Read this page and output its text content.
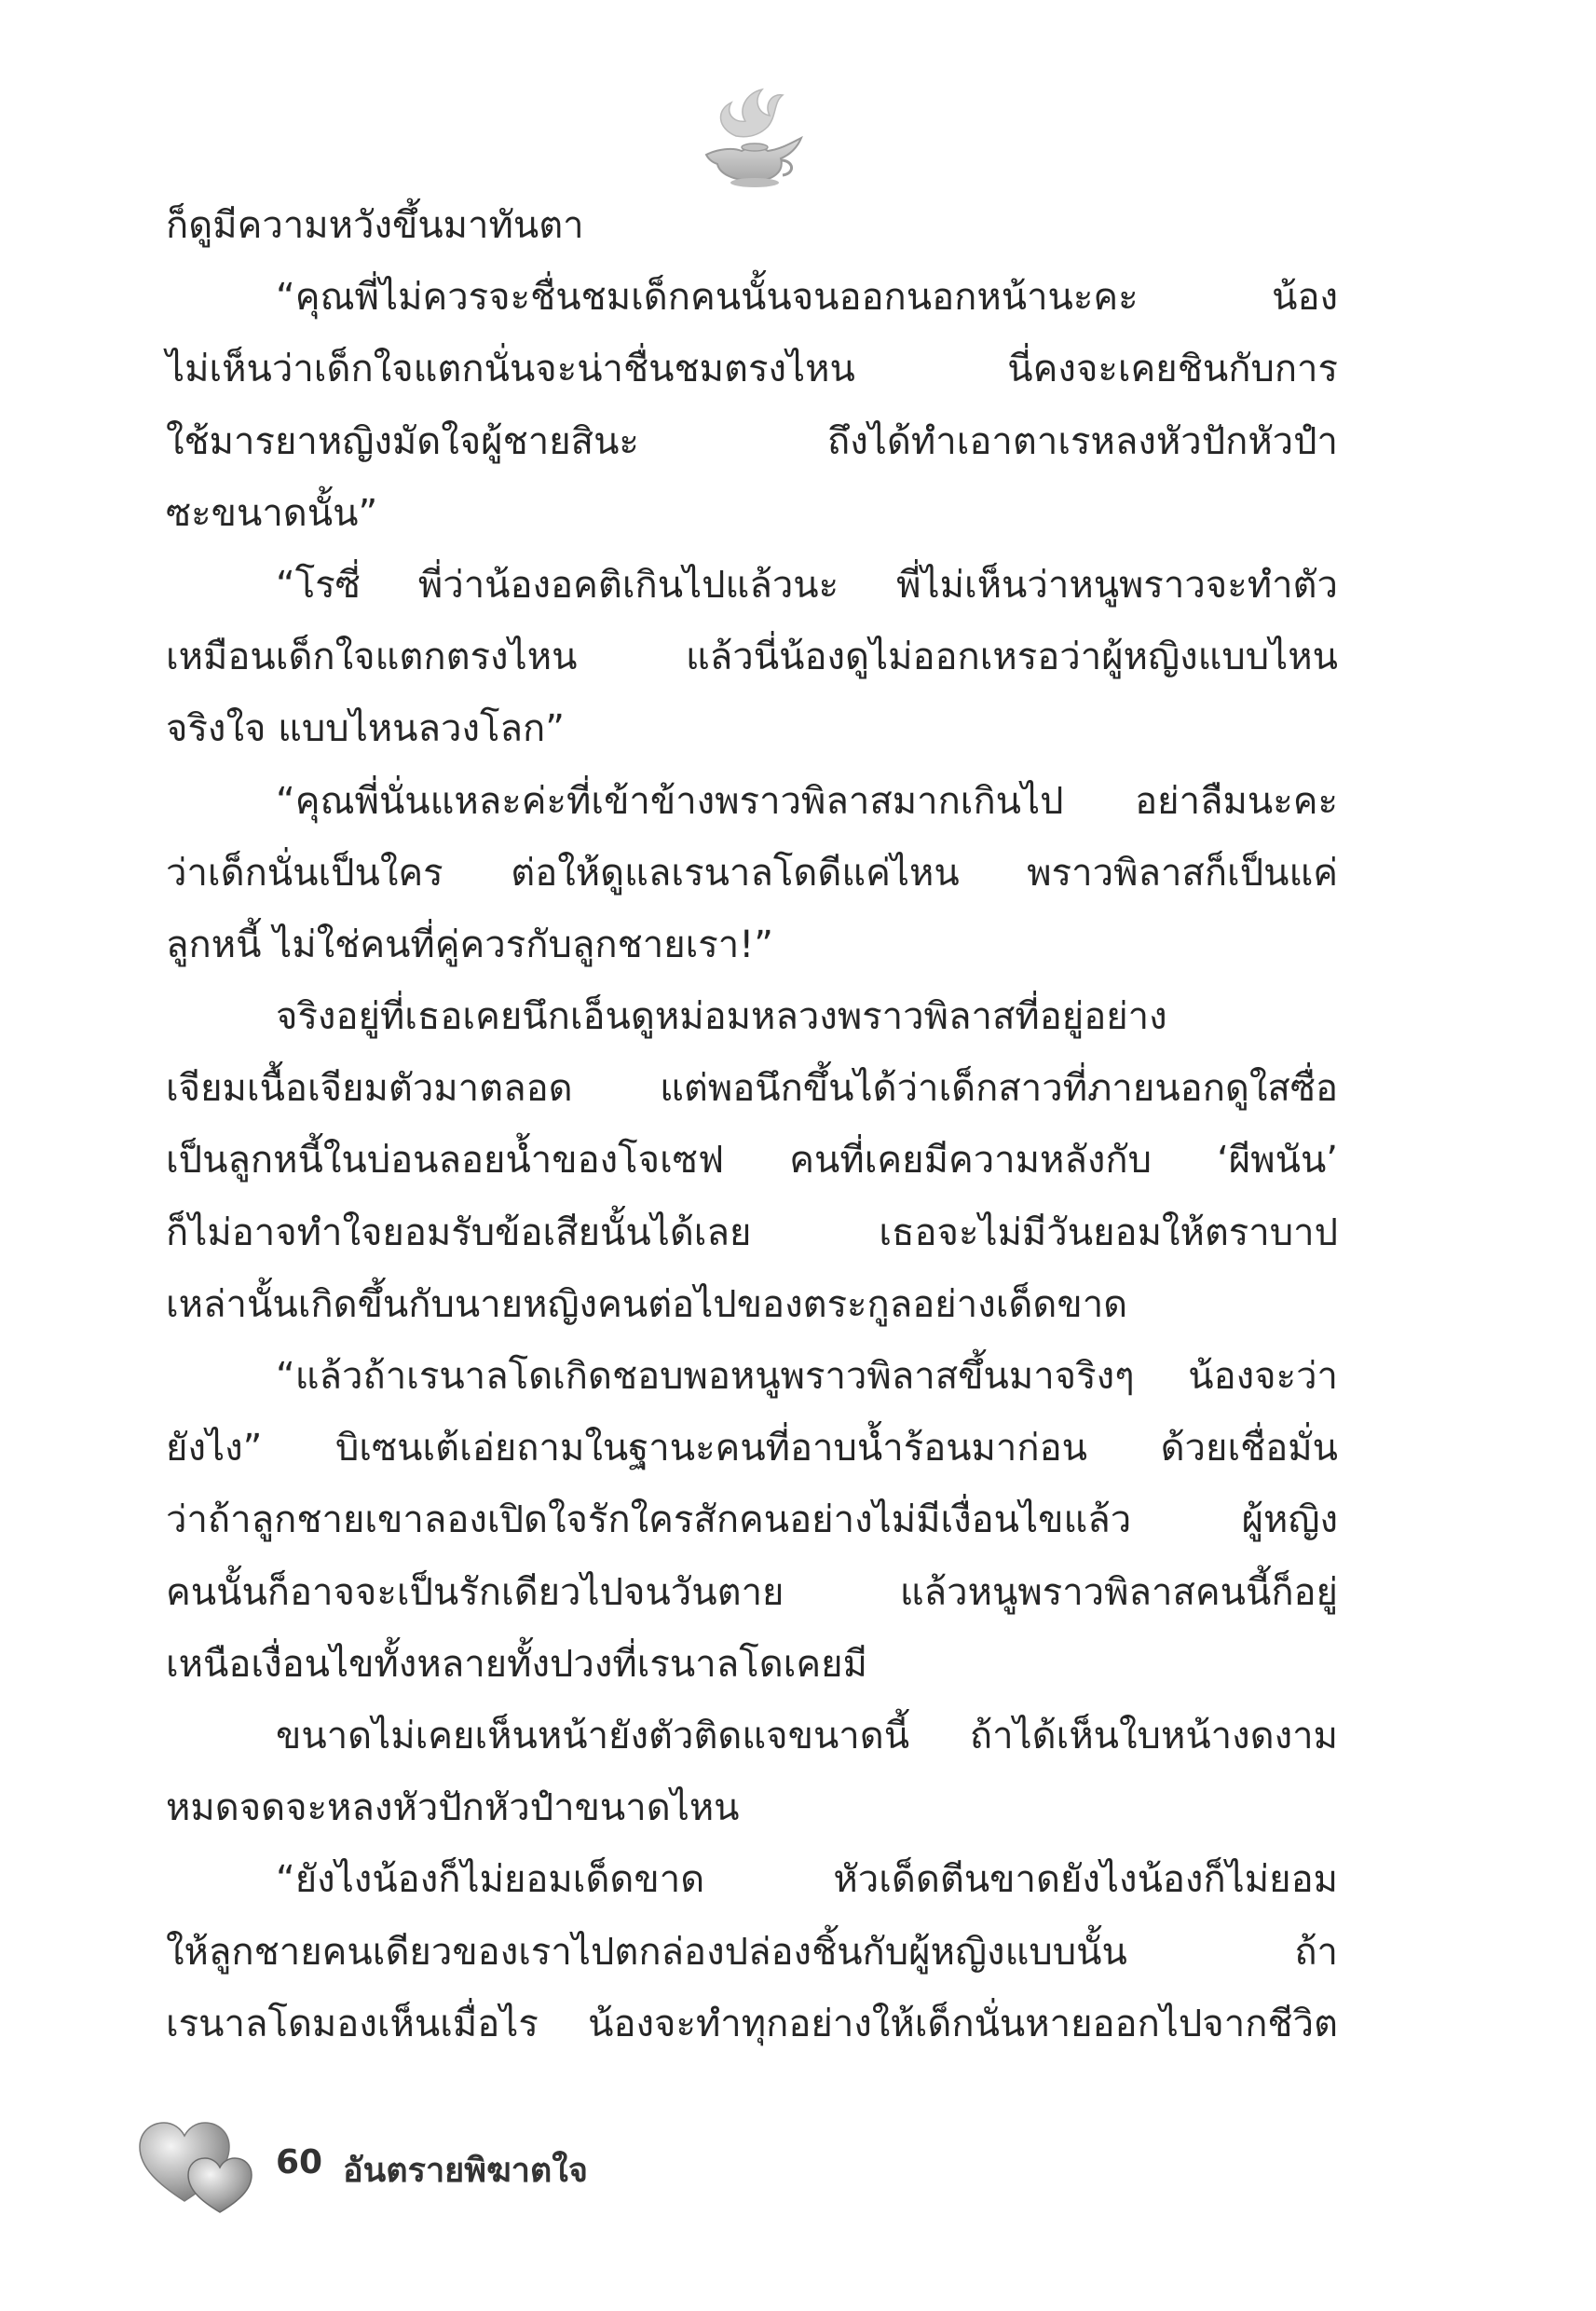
ก็ดูมีความหวังขึ้นมาทันตา
“คุณพี่ไม่ควรจะชื่นชมเด็กคนนั้นจนออกนอกหน้านะคะ น้อง
ไม่เห็นว่าเด็กใจแตกนั่นจะน่าชื่นชมตรงไหน นี่คงจะเคยชินกับการ
ใช้มารยาหญิงมัดใจผู้ชายสินะ ถึงได้ทำเอาตาเรหลงหัวปักหัวปำ
ซะขนาดนั้น”
“โรซี่ พี่ว่าน้องอคติเกินไปแล้วนะ พี่ไม่เห็นว่าหนูพราวจะทำตัว
เหมือนเด็กใจแตกตรงไหน แล้วนี่น้องดูไม่ออกเหรอว่าผู้หญิงแบบไหน
จริงใจ แบบไหนลวงโลก”
“คุณพี่นั่นแหละค่ะที่เข้าข้างพราวพิลาสมากเกินไป อย่าลืมนะคะ
ว่าเด็กนั่นเป็นใคร ต่อให้ดูแลเรนาลโดดีแค่ไหน พราวพิลาสก็เป็นแค่
ลูกหนี้ ไม่ใช่คนที่คู่ควรกับลูกชายเรา!”
จริงอยู่ที่เธอเคยนึกเอ็นดูหม่อมหลวงพราวพิลาสที่อยู่อย่าง
เจียมเนื้อเจียมตัวมาตลอด แต่พอนึกขึ้นได้ว่าเด็กสาวที่ภายนอกดูใสซื่อ
เป็นลูกหนี้ในบ่อนลอยน้ำของโจเซฟ คนที่เคยมีความหลังกับ ‘ผีพนัน’
ก็ไม่อาจทำใจยอมรับข้อเสียนั้นได้เลย เธอจะไม่มีวันยอมให้ตราบาป
เหล่านั้นเกิดขึ้นกับนายหญิงคนต่อไปของตระกูลอย่างเด็ดขาด
“แล้วถ้าเรนาลโดเกิดชอบพอหนูพราวพิลาสขึ้นมาจริงๆ น้องจะว่า
ยังไง” บิเซนเต้เอ่ยถามในฐานะคนที่อาบน้ำร้อนมาก่อน ด้วยเชื่อมั่น
ว่าถ้าลูกชายเขาลองเปิดใจรักใครสักคนอย่างไม่มีเงื่อนไขแล้ว ผู้หญิง
คนนั้นก็อาจจะเป็นรักเดียวไปจนวันตาย แล้วหนูพราวพิลาสคนนี้ก็อยู่
เหนือเงื่อนไขทั้งหลายทั้งปวงที่เรนาลโดเคยมี
ขนาดไม่เคยเห็นหน้ายังตัวติดแจขนาดนี้ ถ้าได้เห็นใบหน้างดงาม
หมดจดจะหลงหัวปักหัวปำขนาดไหน
“ยังไงน้องก็ไม่ยอมเด็ดขาด หัวเด็ดตีนขาดยังไงน้องก็ไม่ยอม
ให้ลูกชายคนเดียวของเราไปตกล่องปล่องชิ้นกับผู้หญิงแบบนั้น ถ้า
เรนาลโดมองเห็นเมื่อไร น้องจะทำทุกอย่างให้เด็กนั่นหายออกไปจากชีวิต
60 อันตรายพิฆาตใจ
